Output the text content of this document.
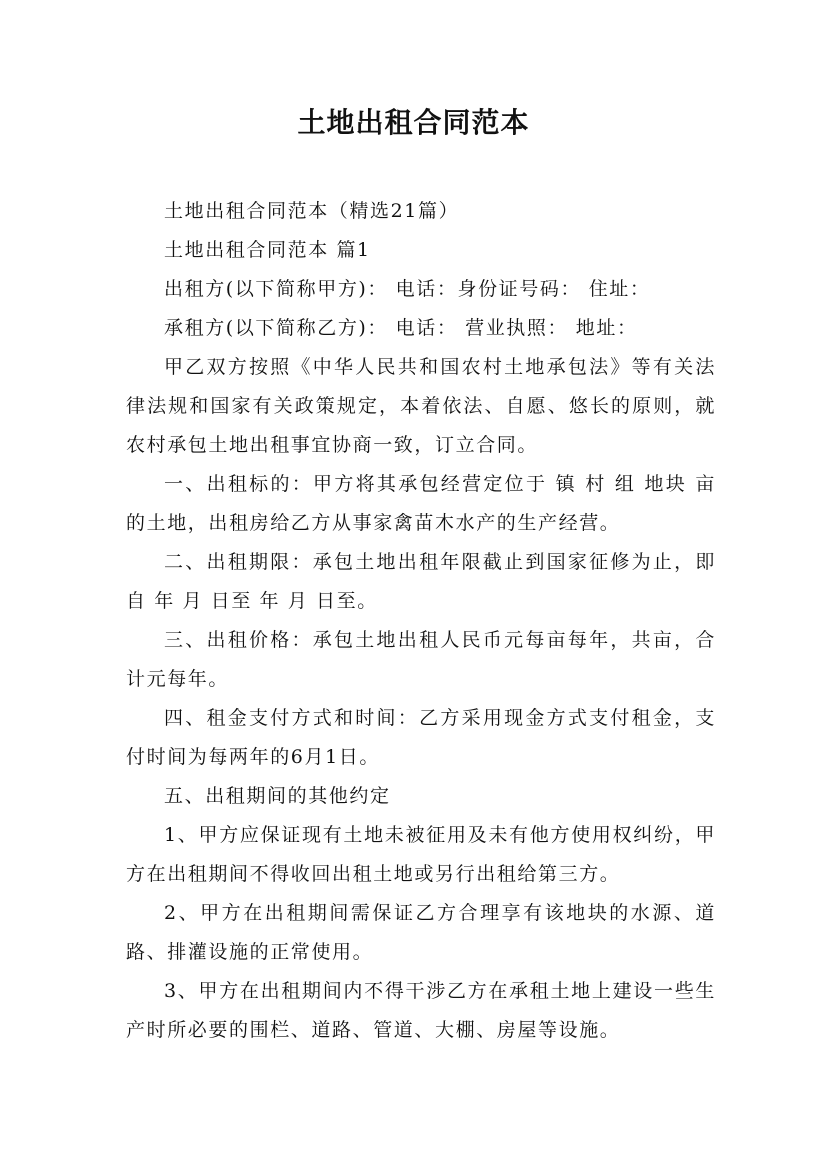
土地出租合同范本

土地出租合同范本（精选21篇）

土地出租合同范本 篇1

出租方(以下简称甲方)： 电话：身份证号码： 住址：

承租方(以下简称乙方)： 电话： 营业执照： 地址：

甲乙双方按照《中华人民共和国农村土地承包法》等有关法律法规和国家有关政策规定，本着依法、自愿、悠长的原则，就农村承包土地出租事宜协商一致，订立合同。

一、出租标的：甲方将其承包经营定位于 镇 村 组 地块 亩的土地，出租房给乙方从事家禽苗木水产的生产经营。

二、出租期限：承包土地出租年限截止到国家征修为止，即自 年 月 日至 年 月 日至。

三、出租价格：承包土地出租人民币元每亩每年，共亩，合计元每年。

四、租金支付方式和时间：乙方采用现金方式支付租金，支付时间为每两年的6月1日。

五、出租期间的其他约定

1、甲方应保证现有土地未被征用及未有他方使用权纠纷，甲方在出租期间不得收回出租土地或另行出租给第三方。

2、甲方在出租期间需保证乙方合理享有该地块的水源、道路、排灌设施的正常使用。

3、甲方在出租期间内不得干涉乙方在承租土地上建设一些生产时所必要的围栏、道路、管道、大棚、房屋等设施。
